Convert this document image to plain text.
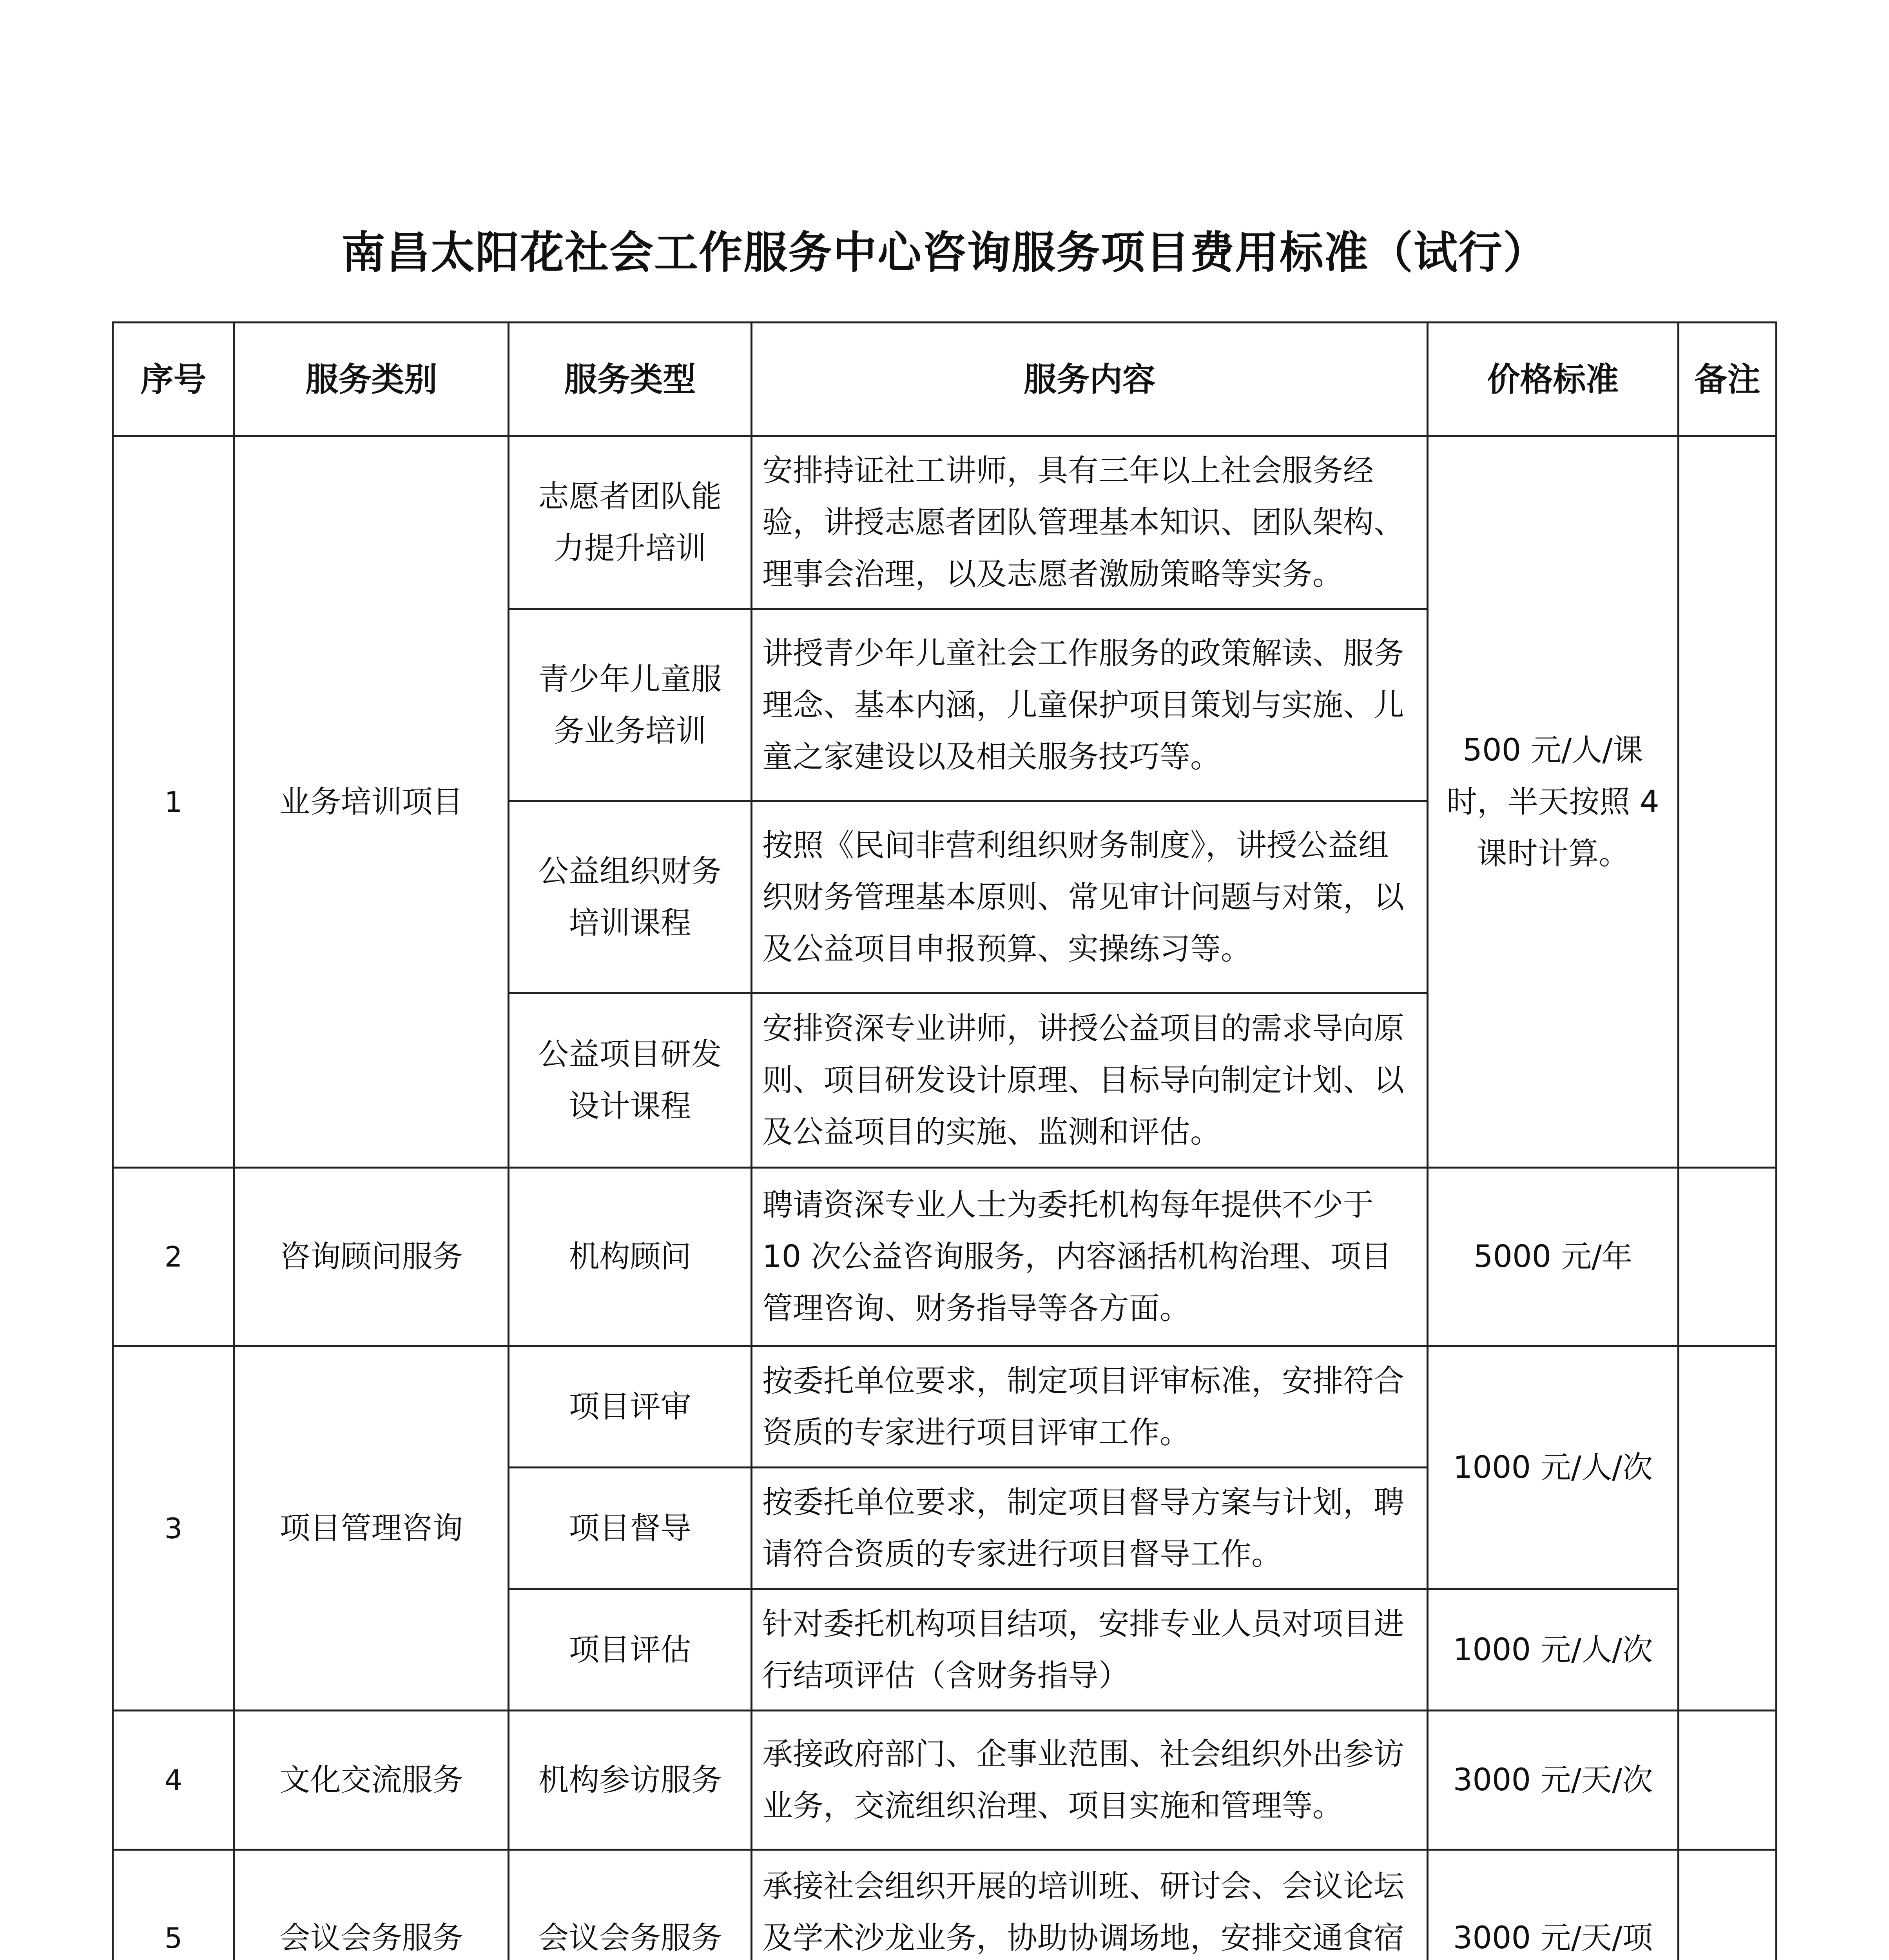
南昌太阳花社会工作服务中心咨询服务项目费用标准（试行）
序号	服务类别	服务类型	服务内容	价格标准	备注
1	业务培训项目	志愿者团队能力提升培训	安排持证社工讲师，具有三年以上社会服务经验，讲授志愿者团队管理基本知识、团队架构、理事会治理，以及志愿者激励策略等实务。	500 元/人/课时，半天按照 4 课时计算。	
		青少年儿童服务业务培训	讲授青少年儿童社会工作服务的政策解读、服务理念、基本内涵，儿童保护项目策划与实施、儿童之家建设以及相关服务技巧等。		
		公益组织财务培训课程	按照《民间非营利组织财务制度》，讲授公益组织财务管理基本原则、常见审计问题与对策，以及公益项目申报预算、实操练习等。		
		公益项目研发设计课程	安排资深专业讲师，讲授公益项目的需求导向原则、项目研发设计原理、目标导向制定计划、以及公益项目的实施、监测和评估。		
2	咨询顾问服务	机构顾问	聘请资深专业人士为委托机构每年提供不少于 10 次公益咨询服务，内容涵括机构治理、项目管理咨询、财务指导等各方面。	5000 元/年	
3	项目管理咨询	项目评审	按委托单位要求，制定项目评审标准，安排符合资质的专家进行项目评审工作。	1000 元/人/次	
		项目督导	按委托单位要求，制定项目督导方案与计划，聘请符合资质的专家进行项目督导工作。		
		项目评估	针对委托机构项目结项，安排专业人员对项目进行结项评估（含财务指导）	1000 元/人/次	
4	文化交流服务	机构参访服务	承接政府部门、企事业范围、社会组织外出参访业务，交流组织治理、项目实施和管理等。	3000 元/天/次	
5	会议会务服务	会议会务服务	承接社会组织开展的培训班、研讨会、会议论坛及学术沙龙业务，协助协调场地，安排交通食宿	3000 元/天/项	
